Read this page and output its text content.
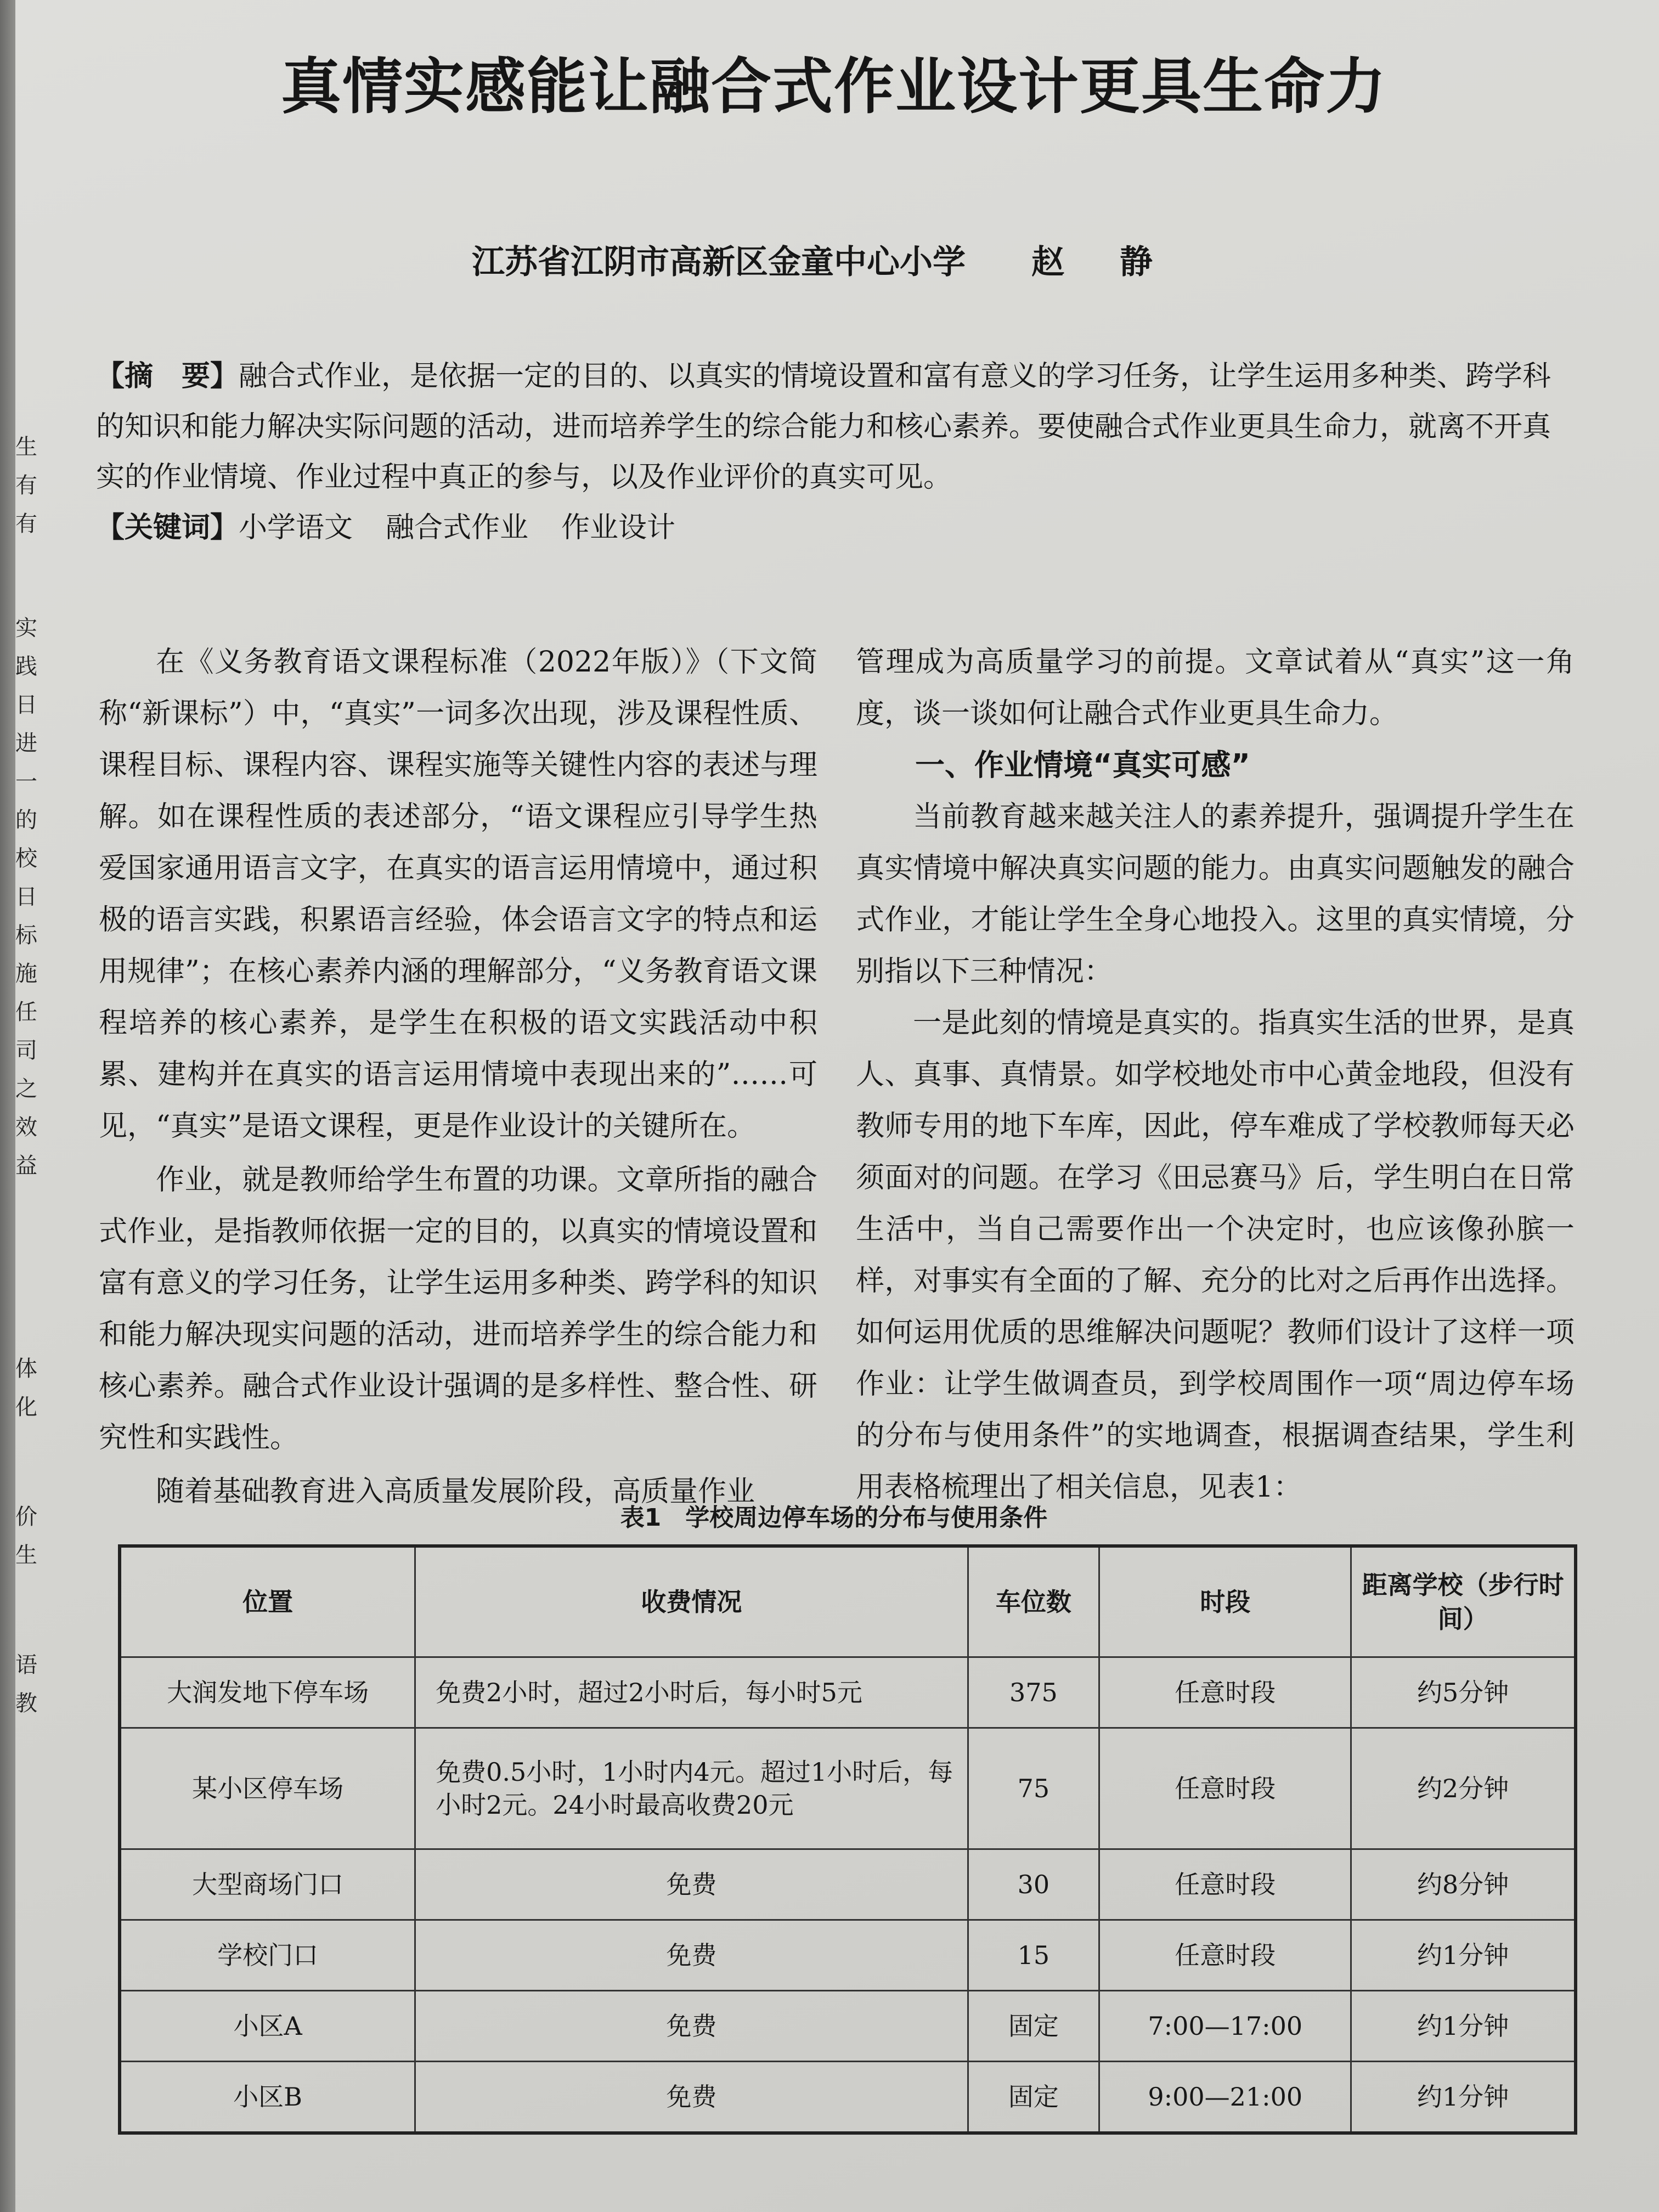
生
有
有
实践
日
进一
的校
日标
施任
司之
效益
体化
价生
语教
真情实感能让融合式作业设计更具生命力
江苏省江阴市高新区金童中心小学 赵 静

【摘　要】融合式作业，是依据一定的目的、以真实的情境设置和富有意义的学习任务，让学生运用多种类、跨学科的知识和能力解决实际问题的活动，进而培养学生的综合能力和核心素养。要使融合式作业更具生命力，就离不开真实的作业情境、作业过程中真正的参与，以及作业评价的真实可见。

【关键词】小学语文 融合式作业 作业设计

在《义务教育语文课程标准（2022年版）》（下文简称“新课标”）中，“真实”一词多次出现，涉及课程性质、课程目标、课程内容、课程实施等关键性内容的表述与理解。如在课程性质的表述部分，“语文课程应引导学生热爱国家通用语言文字，在真实的语言运用情境中，通过积极的语言实践，积累语言经验，体会语言文字的特点和运用规律”；在核心素养内涵的理解部分，“义务教育语文课程培养的核心素养，是学生在积极的语文实践活动中积累、建构并在真实的语言运用情境中表现出来的”……可见，“真实”是语文课程，更是作业设计的关键所在。

作业，就是教师给学生布置的功课。文章所指的融合式作业，是指教师依据一定的目的，以真实的情境设置和富有意义的学习任务，让学生运用多种类、跨学科的知识和能力解决现实问题的活动，进而培养学生的综合能力和核心素养。融合式作业设计强调的是多样性、整合性、研究性和实践性。

随着基础教育进入高质量发展阶段，高质量作业

管理成为高质量学习的前提。文章试着从“真实”这一角度，谈一谈如何让融合式作业更具生命力。

一、作业情境“真实可感”

当前教育越来越关注人的素养提升，强调提升学生在真实情境中解决真实问题的能力。由真实问题触发的融合式作业，才能让学生全身心地投入。这里的真实情境，分别指以下三种情况：

一是此刻的情境是真实的。指真实生活的世界，是真人、真事、真情景。如学校地处市中心黄金地段，但没有教师专用的地下车库，因此，停车难成了学校教师每天必须面对的问题。在学习《田忌赛马》后，学生明白在日常生活中，当自己需要作出一个决定时，也应该像孙膑一样，对事实有全面的了解、充分的比对之后再作出选择。如何运用优质的思维解决问题呢？教师们设计了这样一项作业：让学生做调查员，到学校周围作一项“周边停车场的分布与使用条件”的实地调查，根据调查结果，学生利用表格梳理出了相关信息，见表1：

表1　学校周边停车场的分布与使用条件
位置	收费情况	车位数	时段	距离学校（步行时间）
大润发地下停车场	免费2小时，超过2小时后，每小时5元	375	任意时段	约5分钟
某小区停车场	免费0.5小时，1小时内4元。超过1小时后，每小时2元。24小时最高收费20元	75	任意时段	约2分钟
大型商场门口	免费	30	任意时段	约8分钟
学校门口	免费	15	任意时段	约1分钟
小区A	免费	固定	7:00—17:00	约1分钟
小区B	免费	固定	9:00—21:00	约1分钟
